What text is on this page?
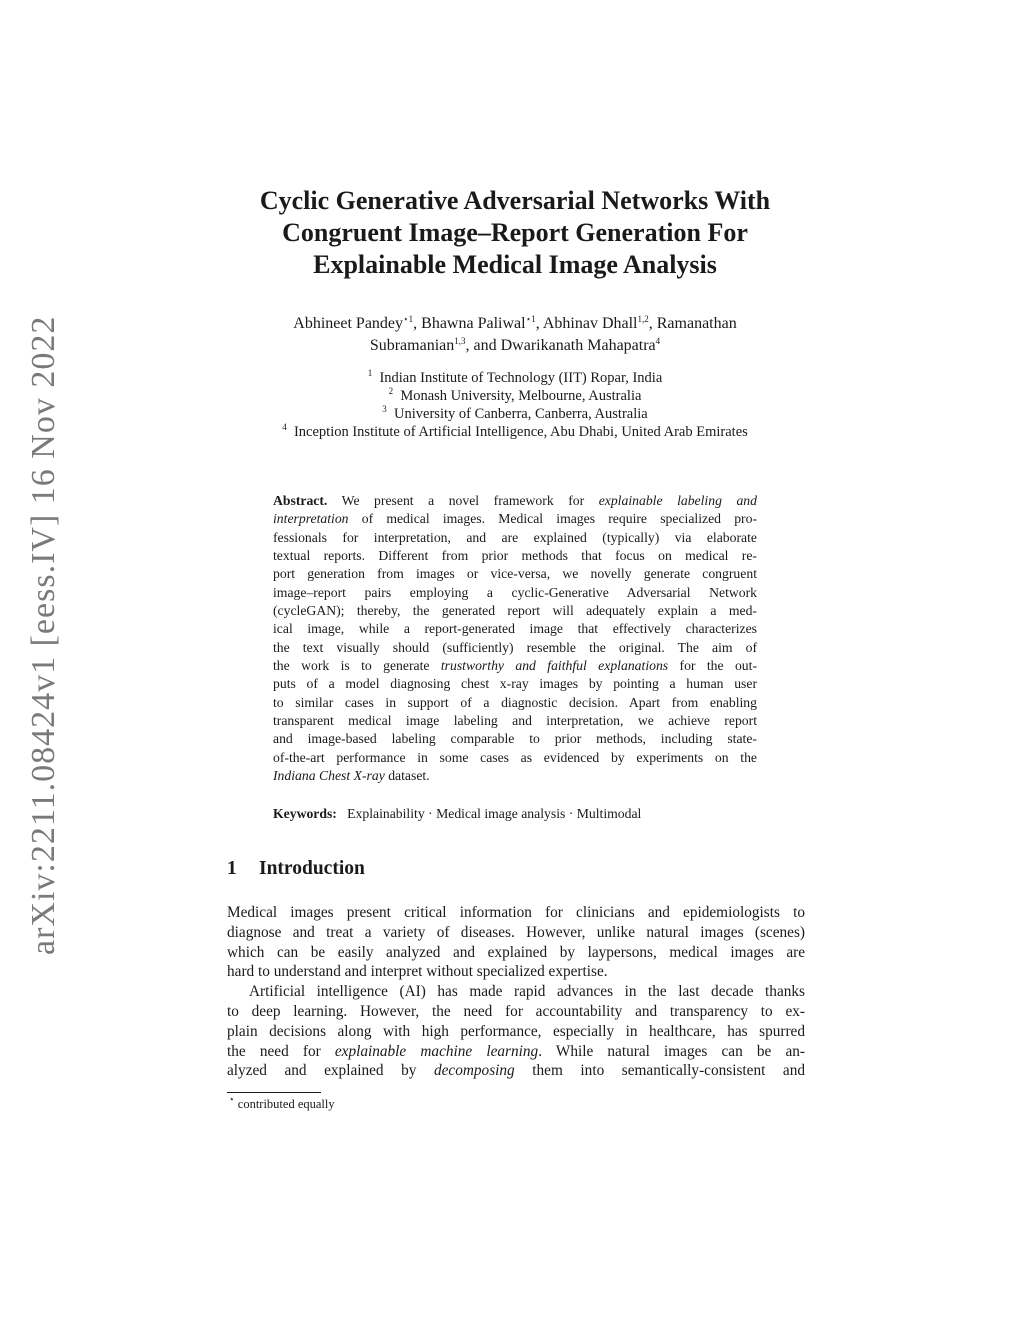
arXiv:2211.08424v1 [eess.IV] 16 Nov 2022
Cyclic Generative Adversarial Networks With
Congruent Image–Report Generation For
Explainable Medical Image Analysis
Abhineet Pandey$^{⋆1}$, Bhawna Paliwal$^{⋆1}$, Abhinav Dhall$^{1,2}$, Ramanathan
Subramanian$^{1,3}$, and Dwarikanath Mahapatra$^4$
$^1$ Indian Institute of Technology (IIT) Ropar, India
$^2$ Monash University, Melbourne, Australia
$^3$ University of Canberra, Canberra, Australia
$^4$ Inception Institute of Artificial Intelligence, Abu Dhabi, United Arab Emirates
Abstract. We present a novel framework for explainable labeling and
interpretation of medical images. Medical images require specialized pro-
fessionals for interpretation, and are explained (typically) via elaborate
textual reports. Different from prior methods that focus on medical re-
port generation from images or vice-versa, we novelly generate congruent
image–report pairs employing a cyclic-Generative Adversarial Network
(cycleGAN); thereby, the generated report will adequately explain a med-
ical image, while a report-generated image that effectively characterizes
the text visually should (sufficiently) resemble the original. The aim of
the work is to generate trustworthy and faithful explanations for the out-
puts of a model diagnosing chest x-ray images by pointing a human user
to similar cases in support of a diagnostic decision. Apart from enabling
transparent medical image labeling and interpretation, we achieve report
and image-based labeling comparable to prior methods, including state-
of-the-art performance in some cases as evidenced by experiments on the
Indiana Chest X-ray dataset.
Keywords: Explainability · Medical image analysis · Multimodal
1 Introduction
Medical images present critical information for clinicians and epidemiologists to
diagnose and treat a variety of diseases. However, unlike natural images (scenes)
which can be easily analyzed and explained by laypersons, medical images are
hard to understand and interpret without specialized expertise.
Artificial intelligence (AI) has made rapid advances in the last decade thanks
to deep learning. However, the need for accountability and transparency to ex-
plain decisions along with high performance, especially in healthcare, has spurred
the need for explainable machine learning. While natural images can be an-
alyzed and explained by decomposing them into semantically-consistent and
⋆ contributed equally
